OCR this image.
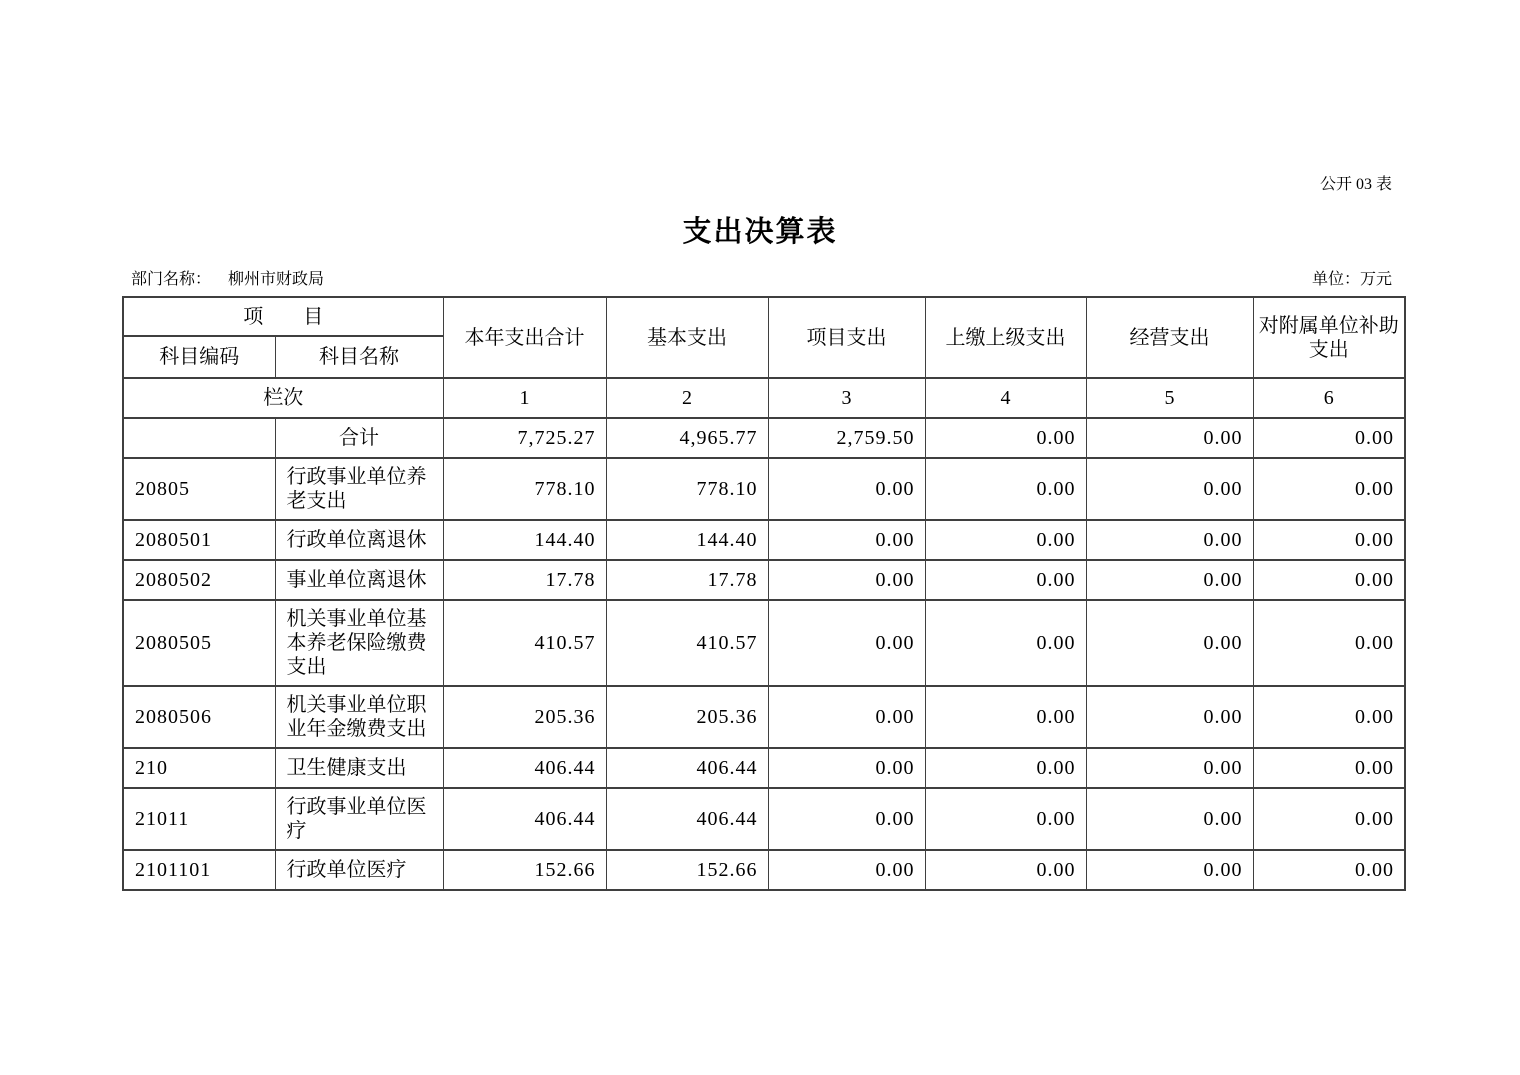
公开 03 表
支出决算表
部门名称： 柳州市财政局	单位：万元
项　　目		本年支出合计	基本支出	项目支出	上缴上级支出	经营支出	对附属单位补助支出
科目编码	科目名称						
栏次		1	2	3	4	5	6
	合计	7,725.27	4,965.77	2,759.50	0.00	0.00	0.00
20805	行政事业单位养老支出	778.10	778.10	0.00	0.00	0.00	0.00
2080501	行政单位离退休	144.40	144.40	0.00	0.00	0.00	0.00
2080502	事业单位离退休	17.78	17.78	0.00	0.00	0.00	0.00
2080505	机关事业单位基本养老保险缴费支出	410.57	410.57	0.00	0.00	0.00	0.00
2080506	机关事业单位职业年金缴费支出	205.36	205.36	0.00	0.00	0.00	0.00
210	卫生健康支出	406.44	406.44	0.00	0.00	0.00	0.00
21011	行政事业单位医疗	406.44	406.44	0.00	0.00	0.00	0.00
2101101	行政单位医疗	152.66	152.66	0.00	0.00	0.00	0.00
